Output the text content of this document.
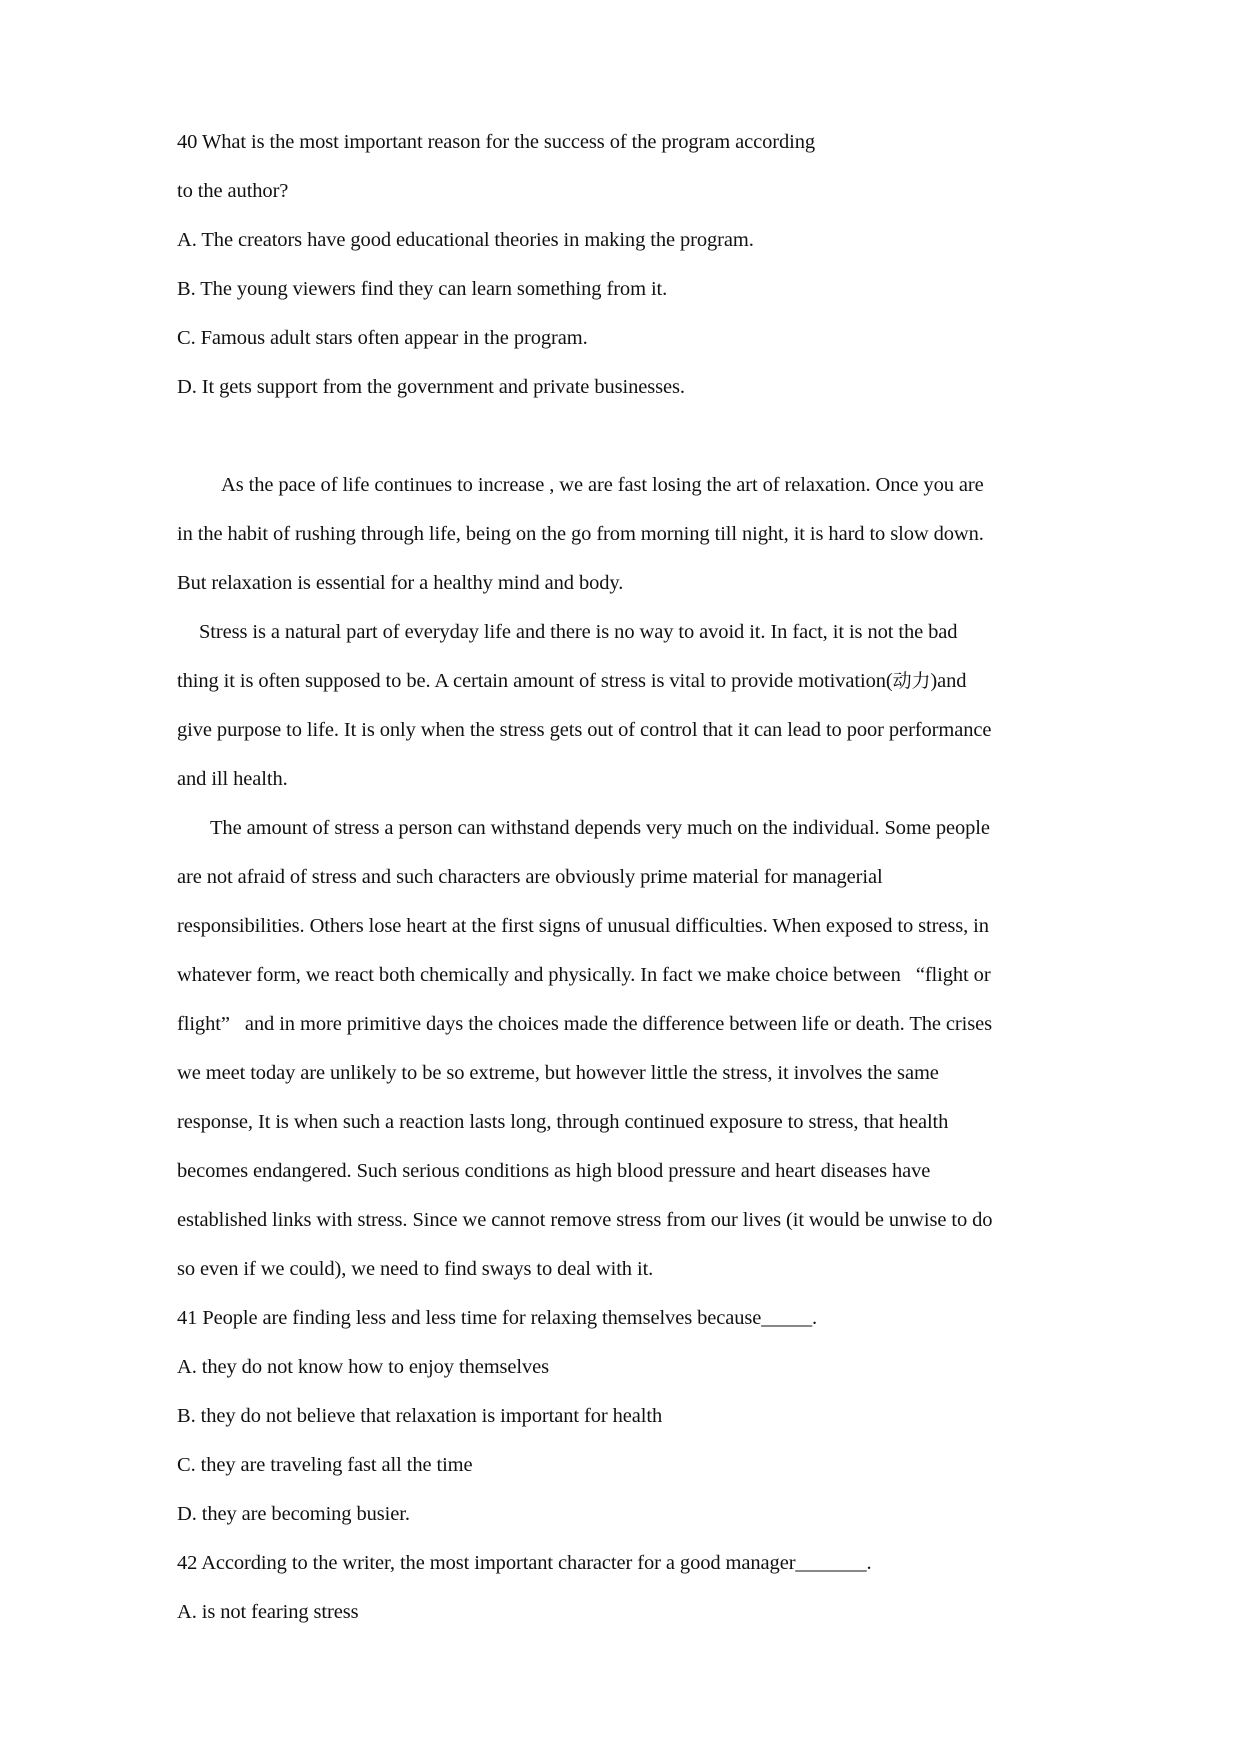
40 What is the most important reason for the success of the program according
to the author?
A. The creators have good educational theories in making the program.
B. The young viewers find they can learn something from it.
C. Famous adult stars often appear in the program.
D. It gets support from the government and private businesses.
As the pace of life continues to increase , we are fast losing the art of relaxation. Once you are
in the habit of rushing through life, being on the go from morning till night, it is hard to slow down.
But relaxation is essential for a healthy mind and body.
Stress is a natural part of everyday life and there is no way to avoid it. In fact, it is not the bad
thing it is often supposed to be. A certain amount of stress is vital to provide motivation(动力)and
give purpose to life. It is only when the stress gets out of control that it can lead to poor performance
and ill health.
The amount of stress a person can withstand depends very much on the individual. Some people
are not afraid of stress and such characters are obviously prime material for managerial
responsibilities. Others lose heart at the first signs of unusual difficulties. When exposed to stress, in
whatever form, we react both chemically and physically. In fact we make choice between   “flight or
flight”   and in more primitive days the choices made the difference between life or death. The crises
we meet today are unlikely to be so extreme, but however little the stress, it involves the same
response, It is when such a reaction lasts long, through continued exposure to stress, that health
becomes endangered. Such serious conditions as high blood pressure and heart diseases have
established links with stress. Since we cannot remove stress from our lives (it would be unwise to do
so even if we could), we need to find sways to deal with it.
41 People are finding less and less time for relaxing themselves because_____.
A. they do not know how to enjoy themselves
B. they do not believe that relaxation is important for health
C. they are traveling fast all the time
D. they are becoming busier.
42 According to the writer, the most important character for a good manager_______.
A. is not fearing stress
